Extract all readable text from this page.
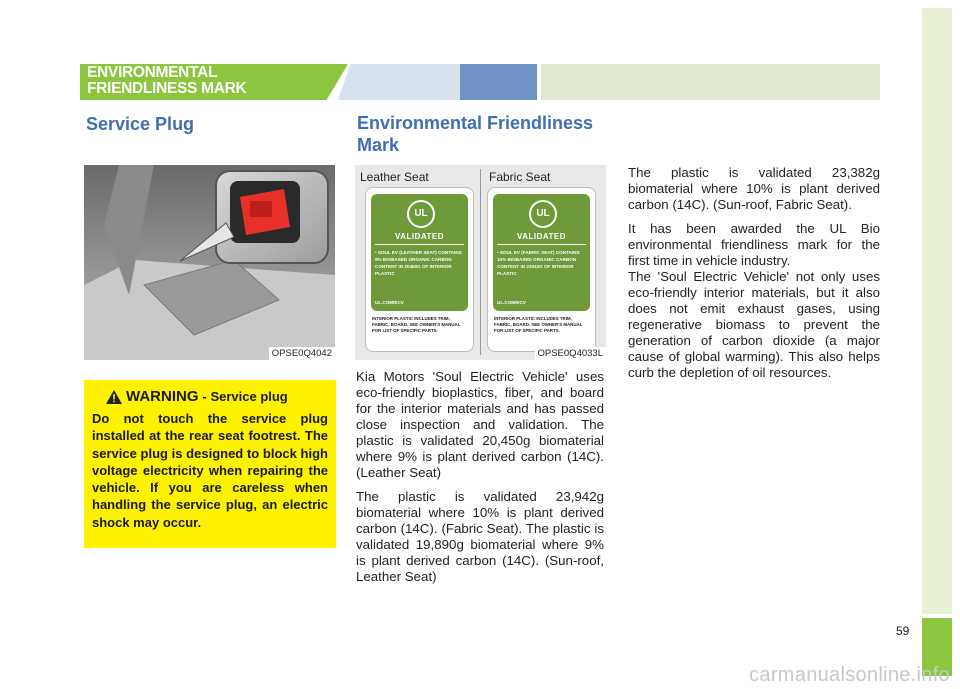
ENVIRONMENTAL
FRIENDLINESS MARK
Service Plug
OPSE0Q4042
WARNING - Service plug
Do not touch the service plug installed at the rear seat footrest. The service plug is designed to block high voltage electricity when repairing the vehicle. If you are careless when handling the service plug, an electric shock may occur.
Environmental Friendliness
Mark
Leather Seat	Fabric Seat
UL
VALIDATED
• SOUL EV (LEATHER SEAT) CONTAINS 9% BIOBASED ORGANIC CARBON CONTENT IN 20450G OF INTERIOR PLASTIC
UL.COM/ECV
INTERIOR PLASTIC INCLUDES TRIM, FABRIC, BOARD. SEE OWNER'S MANUAL FOR LIST OF SPECIFIC PARTS.
UL
VALIDATED
• SOUL EV (FABRIC SEAT) CONTAINS 10% BIOBASED ORGANIC CARBON CONTENT IN 23942G OF INTERIOR PLASTIC
UL.COM/ECV
INTERIOR PLASTIC INCLUDES TRIM, FABRIC, BOARD. SEE OWNER'S MANUAL FOR LIST OF SPECIFIC PARTS.
OPSE0Q4033L

Kia Motors 'Soul Electric Vehicle' uses eco-friendly bioplastics, fiber, and board for the interior materials and has passed close inspection and validation. The plastic is validated 20,450g biomaterial where 9% is plant derived carbon (14C). (Leather Seat)

The plastic is validated 23,942g biomaterial where 10% is plant derived carbon (14C). (Fabric Seat). The plastic is validated 19,890g biomaterial where 9% is plant derived carbon (14C). (Sun-roof, Leather Seat)

The plastic is validated 23,382g biomaterial where 10% is plant derived carbon (14C). (Sun-roof, Fabric Seat).

It has been awarded the UL Bio environmental friendliness mark for the first time in vehicle industry.

The 'Soul Electric Vehicle' not only uses eco-friendly interior materials, but it also does not emit exhaust gases, using regenerative biomass to prevent the generation of carbon dioxide (a major cause of global warming). This also helps curb the depletion of oil resources.

59
carmanualsonline.info
